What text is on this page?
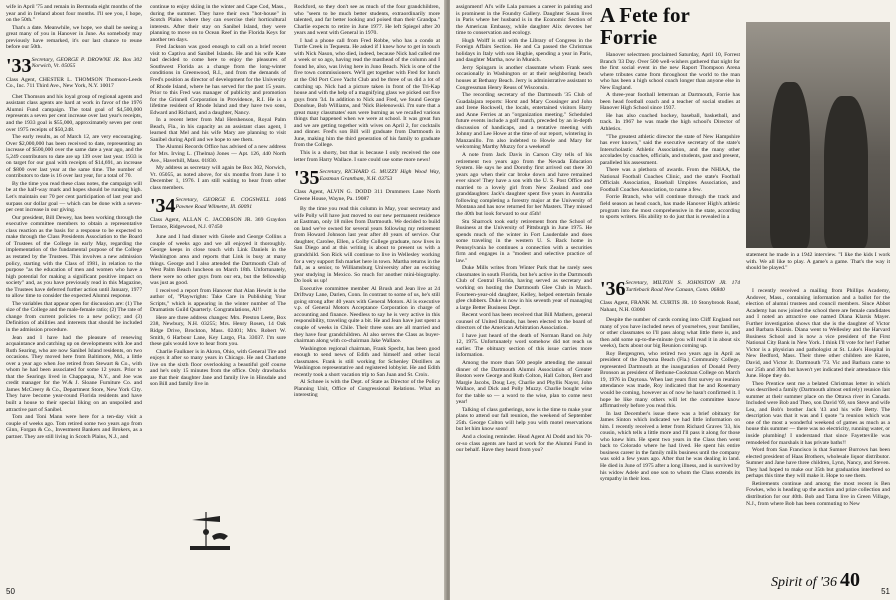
wife in April '75 and remain in Bermuda eight months of the year and in Ireland about four months. I'll see you, I hope, on the 50th."

That's a date. Meanwhile, we hope, we shall be seeing a great many of you in Hanover in June. As somebody may previously have remarked, it's our last chance to reune before our 50th.

'33 Secretary, GEORGE P. DROWNE JR. Box 302 Norwich, Vt. 05055
Class Agent, CHESTER L. THOMSON Thomson-Leeds Co., Inc. 711 Third Ave., New York, N.Y. 10017

Chet Thomson and his loyal group of regional agents and assistant class agents are hard at work in favor of the 1976 Alumni Fund campaign. The total goal of $4,500,000 represents a seven per cent increase over last year's receipts, and the 1933 goal is $55,000, approximately seven per cent over 1975 receipts of $50,248.

The early results, as of March 12, are very encouraging. Over $2,000,000 has been received to date, representing an increase of $500,000 over the same date a year ago, and the 5,249 contributors to date are up 139 over last year. 1933 is on target for our goal with receipts of $14,691, an increase of $800 over last year at the same time. The number of contributors to date is 16 over last year, for a total of 70.

By the time you read these class notes, the campaign will be at the half-way mark and hopes should be running high. Let's maintain our 70 per cent participation of last year and surpass our dollar goal — which can be done with a seven-per cent increase in our giving.

Our president, Bill Dewey, has been working through the executive committee members to obtain a representative class reaction as the basis for a response to be expected to make through the Class Presidents Association to the Board of Trustees of the College in early May, regarding the implementation of the fundamental purpose of the College as restated by the Trustees. This involves a new admission policy, starting with the Class of 1981, in relation to the purpose "as the education of men and women who have a high potential for making a significant positive impact on society" and, as you have previously read in this Magazine, the Trustees have deferred further action until January, 1977 to allow time to consider the expected Alumni response.

The variables that appear open for discussion are: (1) The size of the College and the male-female ratio; (2) The rate of change from current policies to a new policy; and (3) Definition of abilities and interests that should be included in the admission procedure.

Jean and I have had the pleasure of renewing acquaintance and catching up on developments with Joe and Ruth Searing, who are now Sanibel Island residents, on two occasions. They moved here from Baltimore, Md., a little over a year ago when Joe retired from Stewart & Co., with whom he had been associated for some 12 years. Prior to that the Searings lived in Chappaqua, N.Y., and Joe was credit manager for the W.& J. Sloane Furniture Co. and James McCreery & Co., Department Store, New York City. They have become year-round Florida residents and have built a house to their special liking on an unspoiled and attractive part of Sanibel.

Tom and Toni Mann were here for a ten-day visit a couple of weeks ago. Tom retired some two years ago from Ginn, Forgan & Co., Investment Bankers and Brokers, as a partner. They are still living in Scotch Plains, N.J., and

continue to enjoy skiing in the winter and Cape Cod, Mass., during the summer. They have their own "hot-house" in Scotch Plains where they can exercise their horticultural interests. After their stay on Sanibel Island, they were planning to move on to Ocean Reef in the Florida Keys for another ten days.

Fred Jackson was good enough to call on a brief recent visit to Captiva and Sanibel Islands. He and his wife Kate had decided to come here to enjoy the pleasures of Southwest Florida as a change from the long-winter conditions in Greenwood, R.I., and from the demands of Fred's position as director of development for the University of Rhode Island, where he has served for the past 15 years. Prior to this Fred was manager of publicity and promotion for the Grinnell Corporation in Providence, R.I. He is a lifetime resident of Rhode Island and they have two sons, Edward and Richard, and a daughter, Nancy.

In a recent letter from Mal Hershenson, Royal Palm Beach, Fla., in his capacity as an assistant class agent, I learned that Mel and his wife Mary are planning to visit Sanibel during April and we hope to see them.

The Alumni Records Office has advised of a new address for Mrs. Irving L. (Thelma) Jones — Apt. 126, 440 North Ave., Haverhill, Mass. 01830.

My address as secretary will again be Box 302, Norwich, Vt. 05055, as noted above, for six months from June 1 to December 1, 1976. I am still waiting to hear from other class members.

'34 Secretary, GEORGE E. COGSWELL 1046 Pawnee Road Wilmette, Ill. 60091
Class Agent, ALLAN C. JACOBSON JR. 369 Graydon Terrace, Ridgewood, N.J. 07450

June and I had dinner with Gisele and George Collins a couple of weeks ago and we all enjoyed it thoroughly. George keeps in close touch with Link Daniels in the Washington area and reports that Link is busy at many things. George and I also attended the Dartmouth Club of West Palm Beach luncheon on March 18th. Unfortunately, there were no other guys from our era, but the fellowship was just as good.

I received a report from Hanover that Alan Hewitt is the author of, "Playwrights: Take Care in Publishing Your Scripts," which is appearing in the winter number of The Dramatists Guild Quarterly. Congratulations, Al!!

Here are three address changes: Mrs. Preston Leete, Box 238, Newbury, N.H. 03255; Mrs. Henry Rosen, 14 Oak Ridge Drive, Brockton, Mass. 02401; Mrs. Robert W. Smith, 6 Harbour Lane, Key Largo, Fla. 33037. I'm sure these gals would love to hear from you.

Charlie Faulkner is in Akron, Ohio, with General Tire and enjoys it after so many years in Chicago. He and Charlotte live on the sixth floor overlooking a beautiful golf course and he's only 15 minutes from the office. Only drawbacks are that their daughter Jane and family live in Hinsdale and son Bill and family live in

Rockford, so they don't see as much of the four grandchildren, who "seem to be much better students, extraordinarily more talented, and far better looking and poised than their Grandpa." Charlie expects to retire in June 1977. He left Spiegel after 20 years and went with General in 1970.

I had a phone call from Fred Robbe, who has a condo at Turtle Creek in Tequesta. He asked if I knew how to get in touch with Nick Nason, who died, indeed, because Nick had called me a week or so ago, having read the masthead of the column and I found he, also, was living here in Juno Beach. Nick is one of the five town commissioners. We'll get together with Fred for lunch at the Old Port Cove Yacht Club and be three of us did a lot of catching up. Nick had a picture taken in front of the Tri-Kap house and with the help of a magnifying glass we picked out five guys from '34. In addition to Nick and Fred, we found George Donohue, Bob Williams, and 'Nick Bielenowski. I'm sure that a great many classmates' ears were burning as we recalled various things that happened when we were at school. It was great fun and we are getting together with wives on April 2, for cocktails and dinner. Fred's son Bill will graduate from Dartmouth in June, making him the third generation of his family to graduate from the College.

This is a shorty, but that is because I only received the one letter from Harry Wallace. I sure could use some more news!

'35 Secretary, RICHARD G. MUZZY High Wood Way, Eastman Grantham, N.H. 03753
Class Agent, ALVIN G. DODD 311 Drummers Lane North Greene House, Wayne, Pa. 19087

By the time you read this column in May, your secretary and wife Polly will have just moved to our new permanent residence at Eastman, only 18 miles from Dartmouth. We decided to build on land we've owned for several years following my retirement from Howard Johnson last year after 40 years of service. Our daughter, Carolee, Ellen, a Colby College graduate, now lives in San Diego and at this writing is about to present us with a grandchild. Son Rick will continue to live in Wellesley working for a very support fish market here in town. Martha returns in the fall, as a senior, to Williamsburg University after an exciting year studying in Mexico. So much for another mini-biography. Do look us up!

Executive committee member Al Brush and Jean live at 24 Driftway Lane, Darien, Conn. In contrast to some of us, he's still going strong after 40 years with General Motors. Al is executive v.p. of General Motors Acceptance Corporation in charge of accounting and finance. Needless to say he is very active in this responsibility, traveling quite a bit. He and Jean have just spent a couple of weeks in Chile. Their three sons are all married and they have four grandchildren. Al also serves the Class as buyer-chairman along with co-chairman Jake Wallace.

Washington regional chairman, Frank Specht, has been good enough to send news of Edith and himself and other local classmates. Frank is still working for Schenley Distillers as Washington representative and registered lobbyist. He and Edith recently took a short vacation trip to San Juan and St. Croix.

Al Schnee is with the Dept. of State as Director of the Policy Planning Unit, Office of Congressional Relations. What an interesting

50

assignment! Al's wife Lala pursues a career in painting and is prominent in the Foundry Gallery. Daughter Susan lives in Paris where her husband is in the Economic Section of the American Embassy, while daughter Alix devotes her time to conservation and ecology.

Hugh Wolff is still with the Library of Congress in the Foreign Affairs Section. He and Ca passed the Christmas holidays in Italy with son Hughie, spending a year in Paris, and daughter Martha, now in Munich.

Jerry Spingarn is another classmate whom Frank sees occasionally in Washington or at their neighboring beach houses at Bethany Beach. Jerry is administrative assistant to Congressman Henry Reuss of Wisconsin.

The recording secretary of the Dartmouth '35 Club of Guadalajara reports: Horst and Mary Cousinger and John and Irene Rockwell, the locals, entertained visitors Harry and Anne Ferries at an "organization meeting." Scheduled future events include a golf match, preceded by an in-depth discussion of handicaps, and a tentative meeting with Johnny and Lee Howe at the time of our report, wintering in Manzanillo. I'm also indebted to Howie and Mary for welcoming Marthy Muzzy for a weekend!

A note from Jack Davis in Carson City tells of his retirement two years ago from the Nevada Education System. He says he and Dorothy first arrived out there 30 years ago when their car broke down and have remained ever since! They have a son with the U. S. Post Office and married to a lovely girl from New Zealand and one granddaughter. Jack's daughter spent five years in Australia following completing a forestry major at the University of Montana and has now returned for her Masters. They missed the 40th but look forward to our 45th!

Stu Sharrock took early retirement from the School of Business at the University of Pittsburgh in June 1975. He spends much of the winter in Fort Lauderdale and does some traveling in the western U. S. Back home in Pennsylvania he continues a connection with a securities firm and engages in a "modest and selective practice of law."

Duke Mills writes from Winter Park that he rarely sees classmates in south Florida, but he's active in the Dartmouth Club of Central Florida, having served as secretary and working on hosting the Dartmouth Glee Club in March. Fourteen-year-old daughter, Kelley, helped entertain female glee clubbers. Duke is now in his seventh year of managing a large Better Business Dept.

Recent word has been received that Bill Mathers, general counsel of United Brands, has been elected to the board of directors of the American Arbitration Association.

I have just heard of the death of Norman Rand on July 12, 1975. Unfortunately word somehow did not reach us earlier. The obituary section of this issue carries more information.

Among the more than 500 people attending the annual dinner of the Dartmouth Alumni Association of Greater Boston were George and Ruth Colton, Hall Colton, Bert and Margie Jacobs, Doug Ley, Charlie and Phyllis Nayor, John Wallace, and Dick and Polly Muzzy. Charlie bought wine for the table so — a word to the wise, plan to come next year!

Talking of class gatherings, now is the time to make your plans to attend our fall reunion, the weekend of September 25th. George Colton will help you with motel reservations but let him know soon!

And a closing reminder. Head Agent Al Dodd and his 70-or-so class agents are hard at work for the Alumni Fund in our behalf. Have they heard from you?

A Fete for Forrie

Hanover selectmen proclaimed Saturday, April 10, Forrest Branch '33 Day. Over 500 well-wishers gathered that night for the first social event in the new Raport Thompson Arena where tributes came from throughout the world to the man who has been a high school coach longer than anyone else in New England.

A three-year football letterman at Dartmouth, Forrie has been head football coach and a teacher of social studies at Hanover High School since 1937.

He has also coached hockey, baseball, basketball, and track. In 1967 he was made the high school's Director of Athletics.

"The greatest athletic director the state of New Hampshire has ever known," said the executive secretary of the state's Interscholastic Athletic Association, and the many other accolades by coaches, officials, and students, past and present, paralleled his assessment.

There was a plethora of awards. From the NHIAA, the National Football Coaches Clinic, and the state's Football Officials Association, Baseball Umpires Association, and Football Coaches Association, to name a few.

Forrie Branch, who will continue through the track and field season as head coach, has made Hanover High's athletic program into the most comprehensive in the state, according to sports writers. His ability to do just that is revealed in a

statement he made in a 1942 interview. "I like the kids I work with. We all like to play. A game's a game. That's the way it should be played."
'36 Secretary, MILTON S. JOHNSTON JR. 174 Turtleback Road New Canaan, Conn. 06840
Class Agent, FRANK M. CURTIS JR. 10 Stonybrook Road, Nahant, N.H. 03060

Despite the number of cards coming into Cliff England not many of you have included news of yourselves, your families, or other classmates so I'll pass along what little there is, and then add some up-to-the-minute (you will read it in about six weeks), facts about our big Reunion coming up.

Roy Bergengren, who retired two years ago in April as president of the Daytona Beach (Fla.) Community College, represented Dartmouth at the inauguration of Donald Perry Bronson as president of Bethune-Cookman College on March 19, 1976 in Daytona. When last years first survey on reunion attendance was made, Roy indicated that he and Rosemary would be coming, however as of now he hasn't confirmed it. I hope he like many others will let the committee know affirmatively before you read this.

In last December's issue there was a brief obituary for James Sinton which indicated we had little information on him. I recently received a letter from Richard Graves '33, his cousin, which tells a little more and I'll pass it along for those who knew him. He spent two years in the Class then went back to Colorado where he had lived. He spent his entire business career in the family mills business until the company was sold a few years ago. After that he was dealing in land. He died in June of 1975 after a long illness, and is survived by his widow Adele and one son to whom the Class extends its sympathy in their loss.

I recently received a mailing from Phillips Academy, Andover, Mass., containing information and a ballot for the election of alumni trustees and council members. Since Abbot Academy has now joined the school there are female candidates and I noted an attractive one named Diana Klarsis Mayer. Further investigation shows that she is the daughter of Victor and Barbara Klarsis. Diana went to Wellesley and the Harvard Business School and is now a vice president of the First National City Bank in New York. I think I'll vote for her! Father Victor is a physician and pathologist at St. Luke's Hospital in New Bedford, Mass. Their three other children are Karen, David, and Victor Jr. Dartmouth '73. Vic and Barbara came to our 25th and 30th but haven't yet indicated their attendance this June. Hope they do.

Theo Prentice sent me a belated Christmas letter in which was described a family (Dartmouth almost entirely) reunion last summer at their summer place on the Ottawa river in Canada. Included were Bob and Theo, son David '69, son Steve and wife Lea, and Bob's brother Jack '43 and his wife Betty. The description was that it was and I quote "a reunion which was one of the most a wonderful weekend of games as much as a house this summer — there was no electricity, running water, or inside plumbing! I understand that since Fayetteville was remodeled for marshals it has private baths!!

Word from San Francisco is that Sumner Burrows has been elected president of Haas Brothers, wholesale liquor distributor. Sumner and Jane have three children, Lynn, Nancy, and Steven. They had hoped to make our 35th but graduation interfered so perhaps this time they will make it. Hope to see them.

Retirements continue and among the most recent is Ben Fowkes, who is heading up the auction and prize collection and distribution for our 40th. Bob and Tama live in Green Village, N.J., from where Bob has been commuting to New

Spirit of '36 40
51
